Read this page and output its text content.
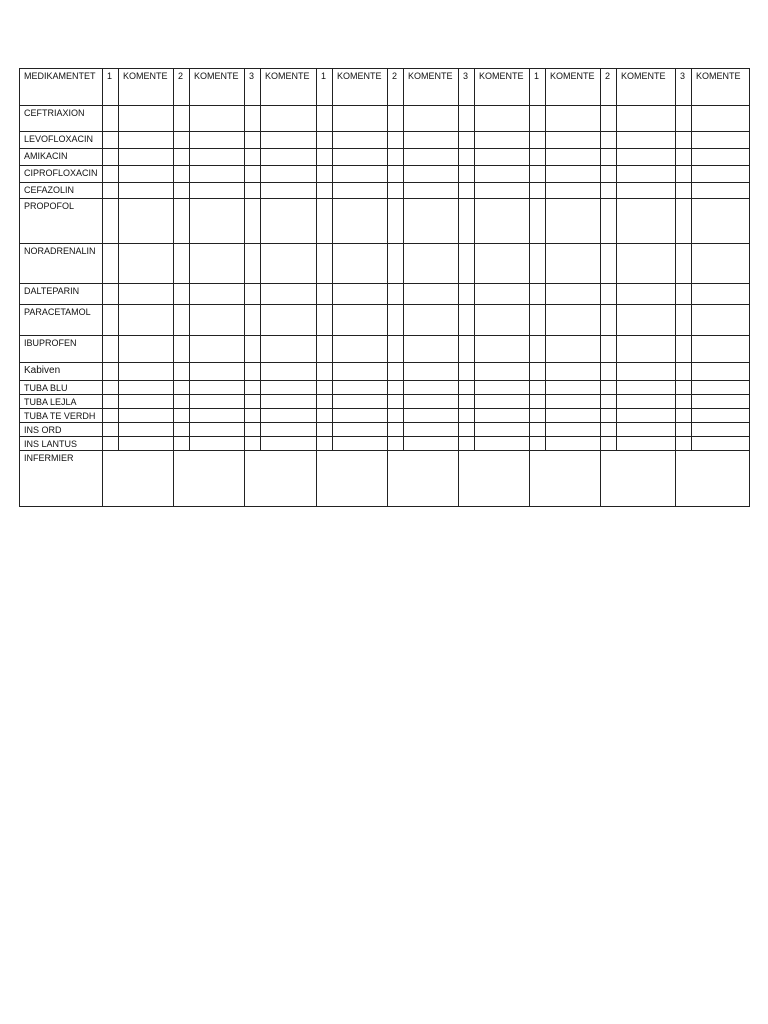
MEDIKAMENTET	1	KOMENTE	2	KOMENTE	3	KOMENTE	1	KOMENTE	2	KOMENTE	3	KOMENTE	1	KOMENTE	2	KOMENTE	3	KOMENTE
CEFTRIAXION																		
LEVOFLOXACIN																		
AMIKACIN																		
CIPROFLOXACIN																		
CEFAZOLIN																		
PROPOFOL																		
NORADRENALIN																		
DALTEPARIN																		
PARACETAMOL																		
IBUPROFEN																		
Kabiven																		
TUBA BLU																		
TUBA LEJLA																		
TUBA TE VERDH																		
INS ORD																		
INS LANTUS																		
INFERMIER																		
